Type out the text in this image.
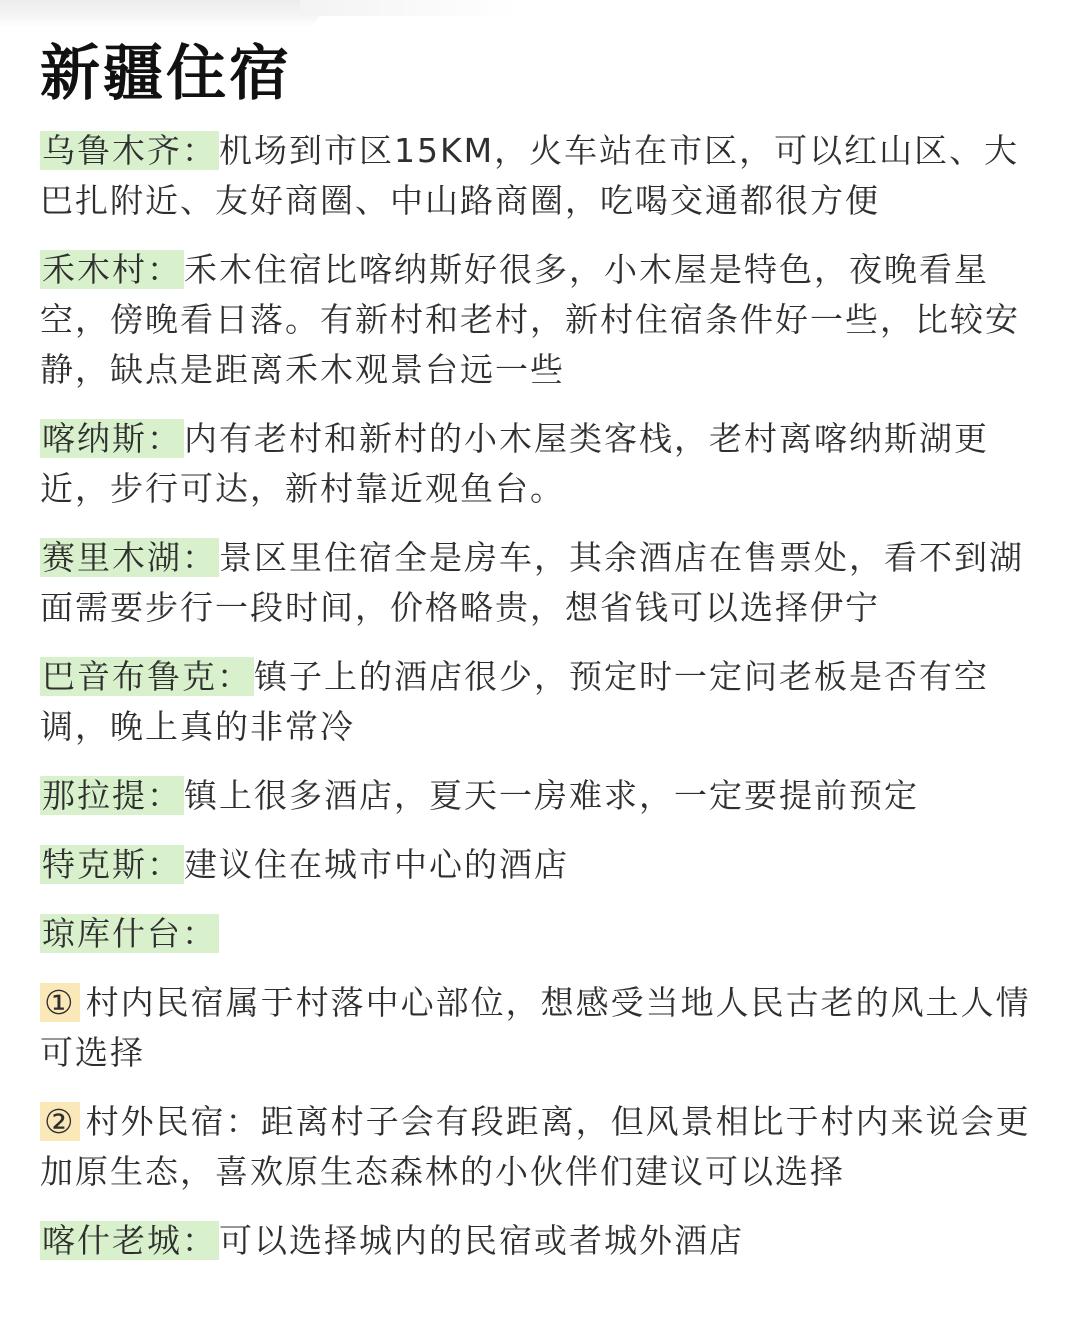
新疆住宿
乌鲁木齐：机场到市区15KM，火车站在市区，可以红山区、大巴扎附近、友好商圈、中山路商圈，吃喝交通都很方便
禾木村：禾木住宿比喀纳斯好很多，小木屋是特色，夜晚看星空，傍晚看日落。有新村和老村，新村住宿条件好一些，比较安静，缺点是距离禾木观景台远一些
喀纳斯：内有老村和新村的小木屋类客栈，老村离喀纳斯湖更近，步行可达，新村靠近观鱼台。
赛里木湖：景区里住宿全是房车，其余酒店在售票处，看不到湖面需要步行一段时间，价格略贵，想省钱可以选择伊宁
巴音布鲁克：镇子上的酒店很少，预定时一定问老板是否有空调，晚上真的非常冷
那拉提：镇上很多酒店，夏天一房难求，一定要提前预定
特克斯：建议住在城市中心的酒店
琼库什台：
① 村内民宿属于村落中心部位，想感受当地人民古老的风土人情可选择
② 村外民宿：距离村子会有段距离，但风景相比于村内来说会更加原生态，喜欢原生态森林的小伙伴们建议可以选择
喀什老城：可以选择城内的民宿或者城外酒店
